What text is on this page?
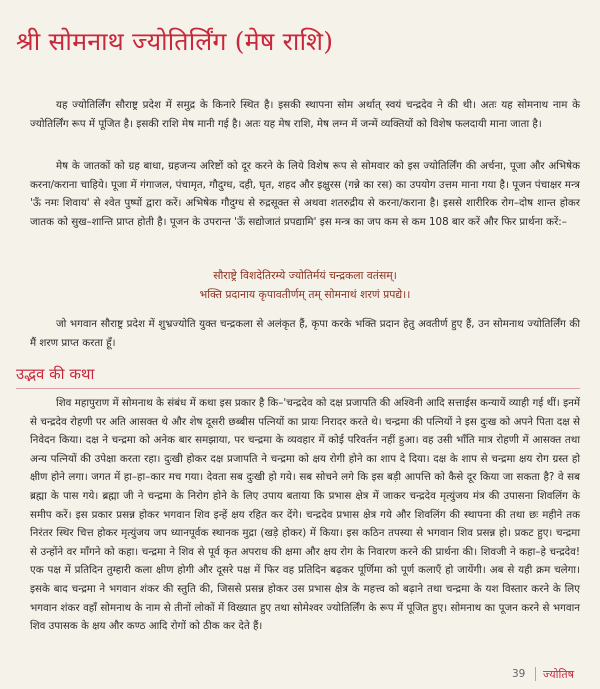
श्री सोमनाथ ज्योतिर्लिंग (मेष राशि)
यह ज्योतिर्लिंग सौराष्ट्र प्रदेश में समुद्र के किनारे स्थित है। इसकी स्थापना सोम अर्थात् स्वयं चन्द्रदेव ने की थी। अतः यह सोमनाथ नाम के ज्योतिर्लिंग रूप में पूजित है। इसकी राशि मेष मानी गई है। अतः यह मेष राशि, मेष लग्न में जन्में व्यक्तियों को विशेष फलदायी माना जाता है।
मेष के जातकों को ग्रह बाधा, ग्रहजन्य अरिष्टों को दूर करने के लिये विशेष रूप से सोमवार को इस ज्योतिर्लिंग की अर्चना, पूजा और अभिषेक करना/कराना चाहिये। पूजा में गंगाजल, पंचामृत, गौदुग्ध, दही, घृत, शहद और इक्षुरस (गन्ने का रस) का उपयोग उत्तम माना गया है। पूजन पंचाक्षर मन्त्र 'ऊँ नमः शिवाय' से श्वेत पुष्पों द्वारा करें। अभिषेक गौदुग्ध से रुद्रसूक्त से अथवा शतरुद्रीय से करना/कराना है। इससे शारीरिक रोग–दोष शान्त होकर जातक को सुख–शान्ति प्राप्त होती है। पूजन के उपरान्त 'ऊँ सद्योजातं प्रपद्यामि' इस मन्त्र का जप कम से कम 108 बार करें और फिर प्रार्थना करें:–
सौराष्ट्रे विशदेतिरम्ये ज्योतिर्मयं चन्द्रकला वतंसम्।
भक्ति प्रदानाय कृपावतीर्णम् तम् सोमनाथं शरणं प्रपद्ये।।
जो भगवान सौराष्ट्र प्रदेश में शुभ्रज्योति युक्त चन्द्रकला से अलंकृत हैं, कृपा करके भक्ति प्रदान हेतु अवतीर्ण हुए हैं, उन सोमनाथ ज्योतिर्लिंग की मैं शरण प्राप्त करता हूँ।
उद्भव की कथा
शिव महापुराण में सोमनाथ के संबंध में कथा इस प्रकार है कि–'चन्द्रदेव को दक्ष प्रजापति की अश्विनी आदि सत्ताईस कन्यायें व्याही गई थीं। इनमें से चन्द्रदेव रोहणी पर अति आसक्त थे और शेष दूसरी छब्बीस पत्नियों का प्रायः निरादर करते थे। चन्द्रमा की पत्नियों ने इस दुःख को अपने पिता दक्ष से निवेदन किया। दक्ष ने चन्द्रमा को अनेक बार समझाया, पर चन्द्रमा के व्यवहार में कोई परिवर्तन नहीं हुआ। वह उसी भाँति मात्र रोहणी में आसक्त तथा अन्य पत्नियों की उपेक्षा करता रहा। दुःखी होकर दक्ष प्रजापति ने चन्द्रमा को क्षय रोगी होने का शाप दे दिया। दक्ष के शाप से चन्द्रमा क्षय रोग ग्रस्त हो क्षीण होने लगा। जगत में हा–हा–कार मच गया। देवता सब दुःखी हो गये। सब सोचने लगे कि इस बड़ी आपत्ति को कैसे दूर किया जा सकता है? वे सब ब्रह्मा के पास गये। ब्रह्मा जी ने चन्द्रमा के निरोग होने के लिए उपाय बताया कि प्रभास क्षेत्र में जाकर चन्द्रदेव मृत्युंजय मंत्र की उपासना शिवलिंग के समीप करें। इस प्रकार प्रसन्न होकर भगवान शिव इन्हें क्षय रहित कर देंगे। चन्द्रदेव प्रभास क्षेत्र गये और शिवलिंग की स्थापना की तथा छः महीने तक निरंतर स्थिर चित्त होकर मृत्युंजय जप ध्यानपूर्वक स्थानक मुद्रा (खड़े होकर) में किया। इस कठिन तपस्या से भगवान शिव प्रसन्न हो। प्रकट हुए। चन्द्रमा से उन्होंने वर माँगने को कहा। चन्द्रमा ने शिव से पूर्व कृत अपराध की क्षमा और क्षय रोग के निवारण करने की प्रार्थना की। शिवजी ने कहा–हे चन्द्रदेव! एक पक्ष में प्रतिदिन तुम्हारी कला क्षीण होगी और दूसरे पक्ष में फिर वह प्रतिदिन बढ़कर पूर्णिमा को पूर्ण कलाएँ हो जायेंगी। अब से यही क्रम चलेगा। इसके बाद चन्द्रमा ने भगवान शंकर की स्तुति की, जिससे प्रसन्न होकर उस प्रभास क्षेत्र के महत्त्व को बढ़ाने तथा चन्द्रमा के यश विस्तार करने के लिए भगवान शंकर वहाँ सोमनाथ के नाम से तीनों लोकों में विख्यात हुए तथा सोमेश्वर ज्योतिर्लिंग के रूप में पूजित हुए। सोमनाथ का पूजन करने से भगवान शिव उपासक के क्षय और कण्ठ आदि रोगों को ठीक कर देते हैं।
39 ज्योतिष
